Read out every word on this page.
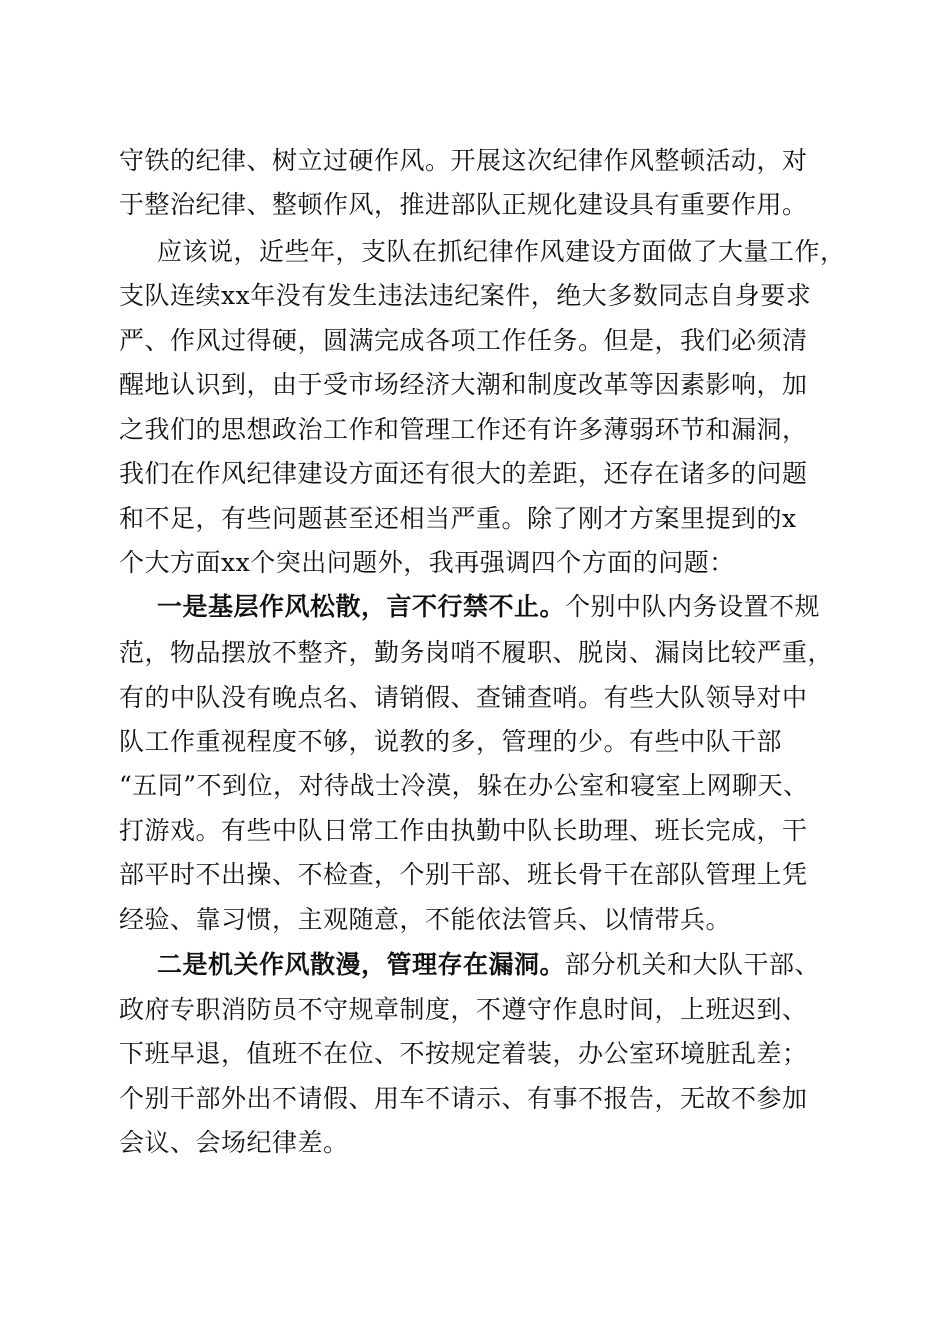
守铁的纪律、树立过硬作风。开展这次纪律作风整顿活动，对
于整治纪律、整顿作风，推进部队正规化建设具有重要作用。
应该说，近些年，支队在抓纪律作风建设方面做了大量工作，
支队连续xx年没有发生违法违纪案件，绝大多数同志自身要求
严、作风过得硬，圆满完成各项工作任务。但是，我们必须清
醒地认识到，由于受市场经济大潮和制度改革等因素影响，加
之我们的思想政治工作和管理工作还有许多薄弱环节和漏洞，
我们在作风纪律建设方面还有很大的差距，还存在诸多的问题
和不足，有些问题甚至还相当严重。除了刚才方案里提到的x
个大方面xx个突出问题外，我再强调四个方面的问题：
一是基层作风松散，言不行禁不止。个别中队内务设置不规
范，物品摆放不整齐，勤务岗哨不履职、脱岗、漏岗比较严重，
有的中队没有晚点名、请销假、查铺查哨。有些大队领导对中
队工作重视程度不够，说教的多，管理的少。有些中队干部
“五同”不到位，对待战士冷漠，躲在办公室和寝室上网聊天、
打游戏。有些中队日常工作由执勤中队长助理、班长完成，干
部平时不出操、不检查，个别干部、班长骨干在部队管理上凭
经验、靠习惯，主观随意，不能依法管兵、以情带兵。
二是机关作风散漫，管理存在漏洞。部分机关和大队干部、
政府专职消防员不守规章制度，不遵守作息时间，上班迟到、
下班早退，值班不在位、不按规定着装，办公室环境脏乱差；
个别干部外出不请假、用车不请示、有事不报告，无故不参加
会议、会场纪律差。
